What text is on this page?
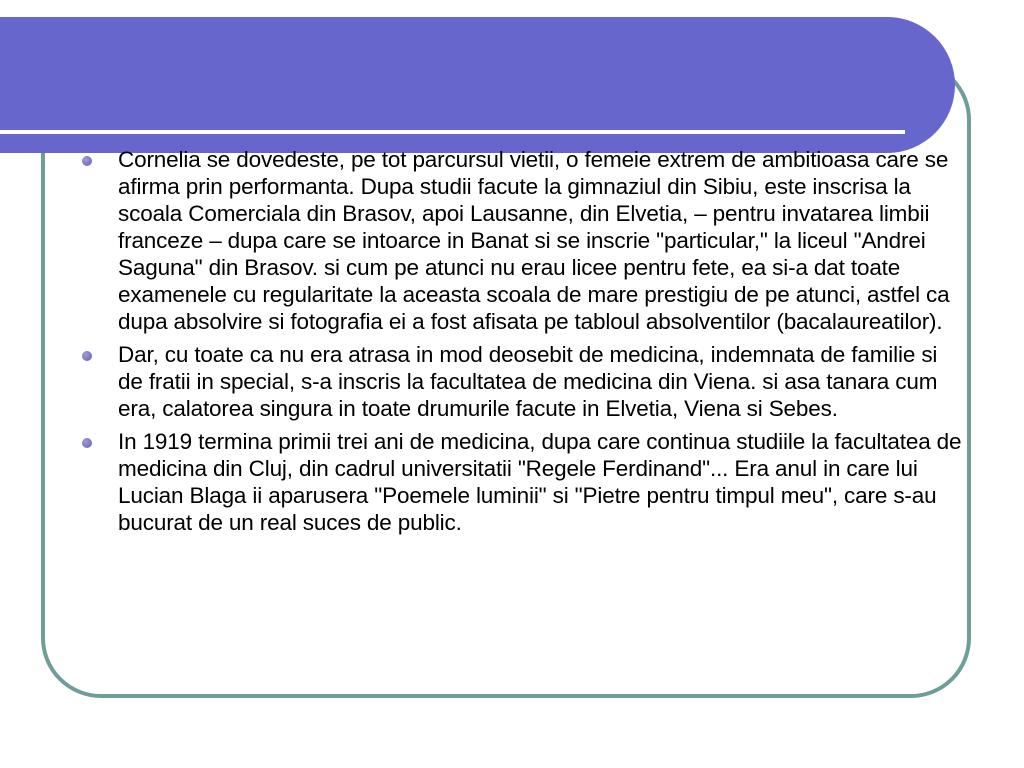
Cornelia se dovedeste, pe tot parcursul vietii, o femeie extrem de ambitioasa care se afirma prin performanta. Dupa studii facute la gimnaziul din Sibiu, este inscrisa la scoala Comerciala din Brasov, apoi Lausanne, din Elvetia, – pentru invatarea limbii franceze – dupa care se intoarce in Banat si se inscrie "particular," la liceul "Andrei Saguna" din Brasov. si cum pe atunci nu erau licee pentru fete, ea si-a dat toate examenele cu regularitate la aceasta scoala de mare prestigiu de pe atunci, astfel ca dupa absolvire si fotografia ei a fost afisata pe tabloul absolventilor (bacalaureatilor).
Dar, cu toate ca nu era atrasa in mod deosebit de medicina, indemnata de familie si de fratii in special, s-a inscris la facultatea de medicina din Viena. si asa tanara cum era, calatorea singura in toate drumurile facute in Elvetia, Viena si Sebes.
In 1919 termina primii trei ani de medicina, dupa care continua studiile la facultatea de medicina din Cluj, din cadrul universitatii "Regele Ferdinand"... Era anul in care lui Lucian Blaga ii aparusera "Poemele luminii" si "Pietre pentru timpul meu", care s-au bucurat de un real suces de public.
